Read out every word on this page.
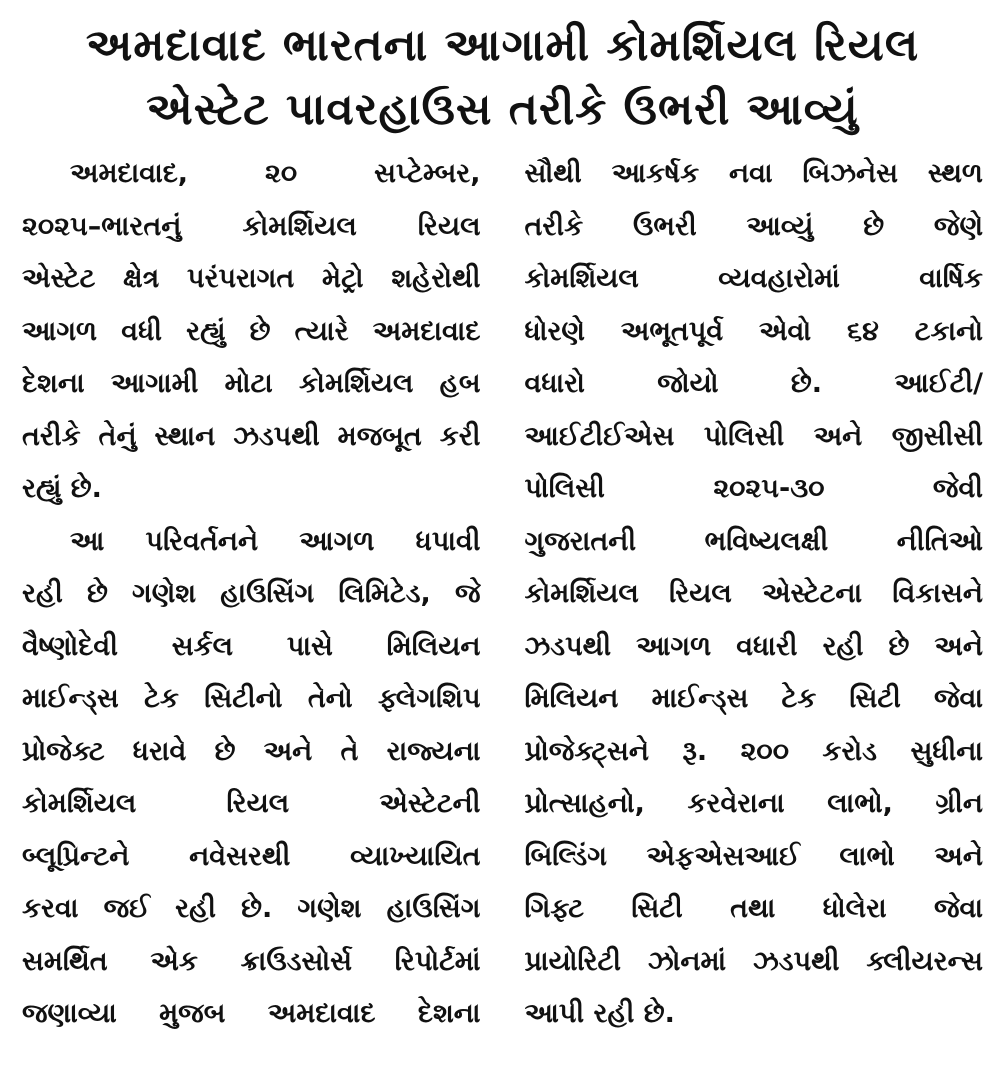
અમદાવાદ ભારતના આગામી કોમર્શિયલ રિયલ
એસ્ટેટ પાવરહાઉસ તરીકે ઉભરી આવ્યું
અમદાવાદ, ૨૦ સપ્ટેમ્બર,
૨૦૨૫–ભારતનું કોમર્શિયલ રિયલ
એસ્ટેટ ક્ષેત્ર પરંપરાગત મેટ્રો શહેરોથી
આગળ વધી રહ્યું છે ત્યારે અમદાવાદ
દેશના આગામી મોટા કોમર્શિયલ હબ
તરીકે તેનું સ્થાન ઝડપથી મજબૂત કરી
રહ્યું છે.
આ પરિવર્તનને આગળ ધપાવી
રહી છે ગણેશ હાઉસિંગ લિમિટેડ, જે
વૈષ્ણોદેવી સર્કલ પાસે મિલિયન
માઈન્ડ્સ ટેક સિટીનો તેનો ફ્લેગશિપ
પ્રોજેક્ટ ધરાવે છે અને તે રાજ્યના
કોમર્શિયલ રિયલ એસ્ટેટની
બ્લૂપ્રિન્ટને નવેસરથી વ્યાખ્યાયિત
કરવા જઈ રહી છે. ગણેશ હાઉસિંગ
સમર્થિત એક ક્રાઉડસોર્સ રિપોર્ટમાં
જણાવ્યા મુજબ અમદાવાદ દેશના
સૌથી આકર્ષક નવા બિઝનેસ સ્થળ
તરીકે ઉભરી આવ્યું છે જેણે
કોમર્શિયલ વ્યવહારોમાં વાર્ષિક
ધોરણે અભૂતપૂર્વ એવો ૬૪ ટકાનો
વધારો જોયો છે. આઈટી/
આઈટીઈએસ પોલિસી અને જીસીસી
પોલિસી ૨૦૨૫-૩૦ જેવી
ગુજરાતની ભવિષ્યલક્ષી નીતિઓ
કોમર્શિયલ રિયલ એસ્ટેટના વિકાસને
ઝડપથી આગળ વધારી રહી છે અને
મિલિયન માઈન્ડ્સ ટેક સિટી જેવા
પ્રોજેક્ટ્સને રૂ. ૨૦૦ કરોડ સુધીના
પ્રોત્સાહનો, કરવેરાના લાભો, ગ્રીન
બિલ્ડિંગ એફએસઆઈ લાભો અને
ગિફ્ટ સિટી તથા ધોલેરા જેવા
પ્રાયોરિટી ઝોનમાં ઝડપથી ક્લીયરન્સ
આપી રહી છે.
